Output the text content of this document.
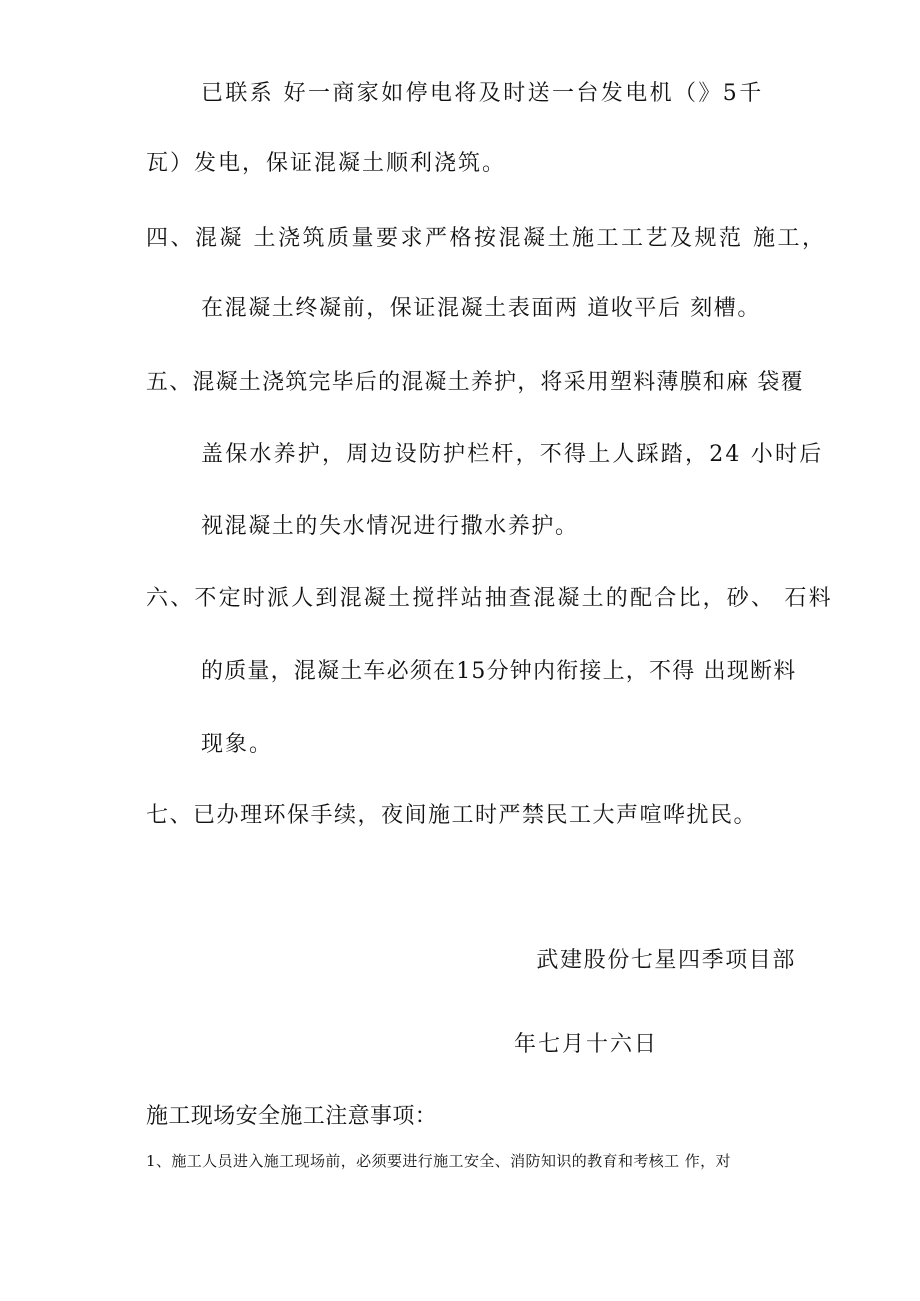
已联系 好一商家如停电将及时送一台发电机（》5千
瓦）发电，保证混凝土顺利浇筑。
四、混凝 土浇筑质量要求严格按混凝土施工工艺及规范 施工，
在混凝土终凝前，保证混凝土表面两 道收平后 刻槽。
五、混凝土浇筑完毕后的混凝土养护，将采用塑料薄膜和麻 袋覆
盖保水养护，周边设防护栏杆，不得上人踩踏，24 小时后
视混凝土的失水情况进行撒水养护。
六、不定时派人到混凝土搅拌站抽查混凝土的配合比，砂、 石料
的质量，混凝土车必须在15分钟内衔接上，不得 出现断料
现象。
七、已办理环保手续，夜间施工时严禁民工大声喧哗扰民。
武建股份七星四季项目部
年七月十六日
施工现场安全施工注意事项：
1、施工人员进入施工现场前，必须要进行施工安全、消防知识的教育和考核工 作，对
